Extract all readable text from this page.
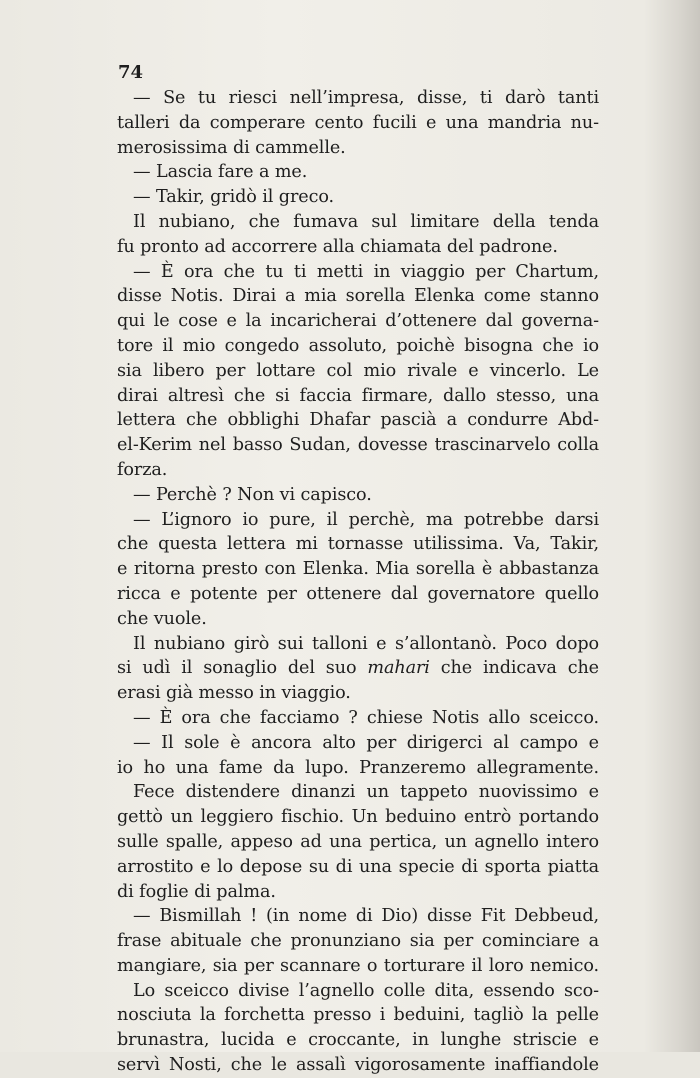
74
— Se tu riesci nell’impresa, disse, ti darò tanti
talleri da comperare cento fucili e una mandria nu-
merosissima di cammelle.
— Lascia fare a me.
— Takir, gridò il greco.
Il nubiano, che fumava sul limitare della tenda
fu pronto ad accorrere alla chiamata del padrone.
— È ora che tu ti metti in viaggio per Chartum,
disse Notis. Dirai a mia sorella Elenka come stanno
qui le cose e la incaricherai d’ottenere dal governa-
tore il mio congedo assoluto, poichè bisogna che io
sia libero per lottare col mio rivale e vincerlo. Le
dirai altresì che si faccia firmare, dallo stesso, una
lettera che obblighi Dhafar pascià a condurre Abd-
el-Kerim nel basso Sudan, dovesse trascinarvelo colla
forza.
— Perchè ? Non vi capisco.
— L’ignoro io pure, il perchè, ma potrebbe darsi
che questa lettera mi tornasse utilissima. Va, Takir,
e ritorna presto con Elenka. Mia sorella è abbastanza
ricca e potente per ottenere dal governatore quello
che vuole.
Il nubiano girò sui talloni e s’allontanò. Poco dopo
si udì il sonaglio del suo mahari che indicava che
erasi già messo in viaggio.
— È ora che facciamo ? chiese Notis allo sceicco.
— Il sole è ancora alto per dirigerci al campo e
io ho una fame da lupo. Pranzeremo allegramente.
Fece distendere dinanzi un tappeto nuovissimo e
gettò un leggiero fischio. Un beduino entrò portando
sulle spalle, appeso ad una pertica, un agnello intero
arrostito e lo depose su di una specie di sporta piatta
di foglie di palma.
— Bismillah ! (in nome di Dio) disse Fit Debbeud,
frase abituale che pronunziano sia per cominciare a
mangiare, sia per scannare o torturare il loro nemico.
Lo sceicco divise l’agnello colle dita, essendo sco-
nosciuta la forchetta presso i beduini, tagliò la pelle
brunastra, lucida e croccante, in lunghe striscie e
servì Nosti, che le assalì vigorosamente inaffiandole
